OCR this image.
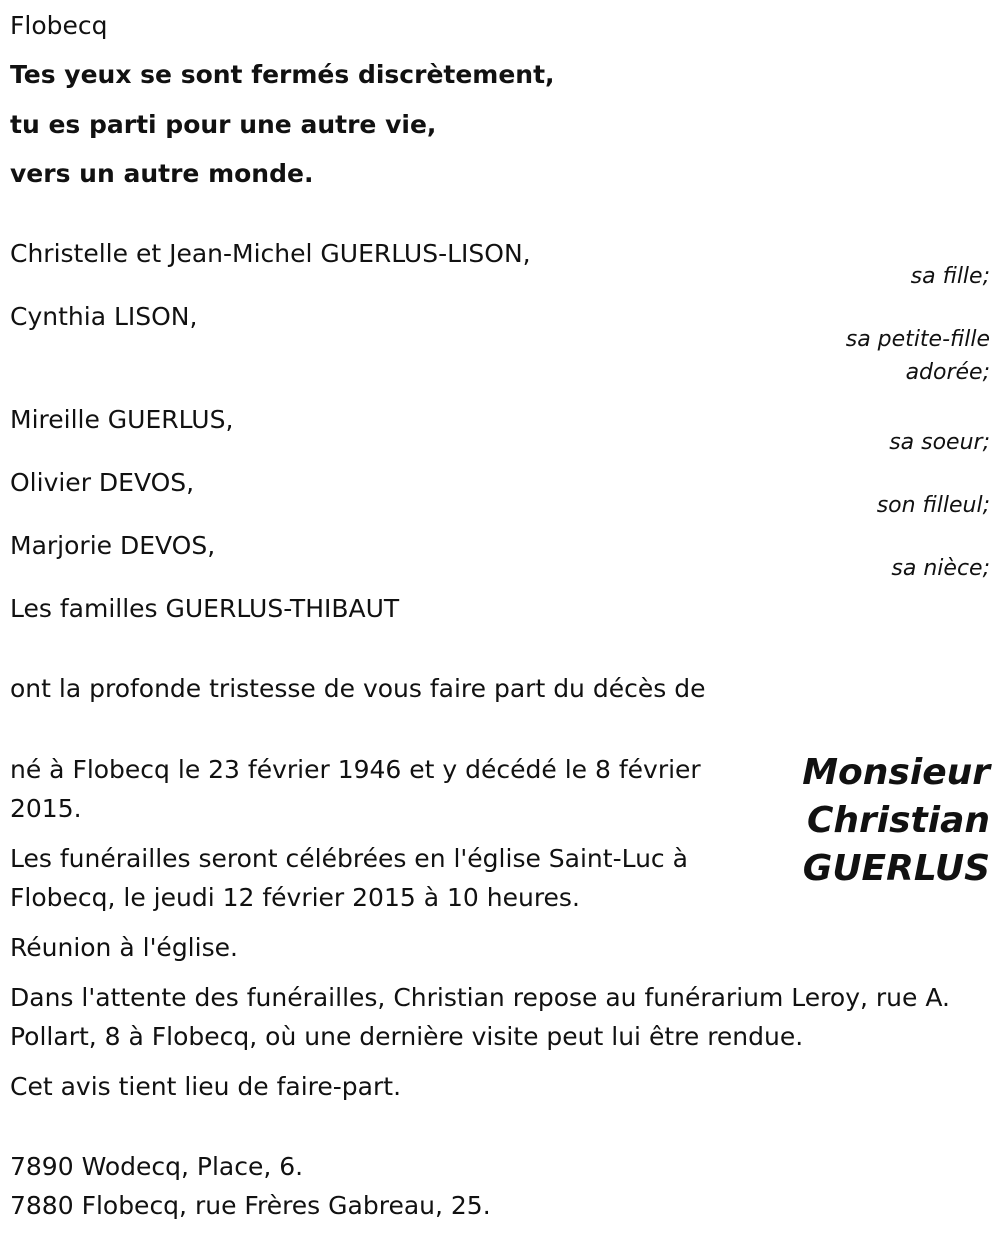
Flobecq

Tes yeux se sont fermés discrètement,

tu es parti pour une autre vie,

vers un autre monde.

Christelle et Jean-Michel GUERLUS-LISON,

sa fille;

Cynthia LISON,

sa petite-fille
adorée;

Mireille GUERLUS,

sa soeur;

Olivier DEVOS,

son filleul;

Marjorie DEVOS,

sa nièce;

Les familles GUERLUS-THIBAUT

ont la profonde tristesse de vous faire part du décès de

Monsieur
Christian
GUERLUS

né à Flobecq le 23 février 1946 et y décédé le 8 février 2015.

Les funérailles seront célébrées en l'église Saint-Luc à Flobecq, le jeudi 12 février 2015 à 10 heures.

Réunion à l'église.

Dans l'attente des funérailles, Christian repose au funérarium Leroy, rue A. Pollart, 8 à Flobecq, où une dernière visite peut lui être rendue.

Cet avis tient lieu de faire-part.

7890 Wodecq, Place, 6.

7880 Flobecq, rue Frères Gabreau, 25.
